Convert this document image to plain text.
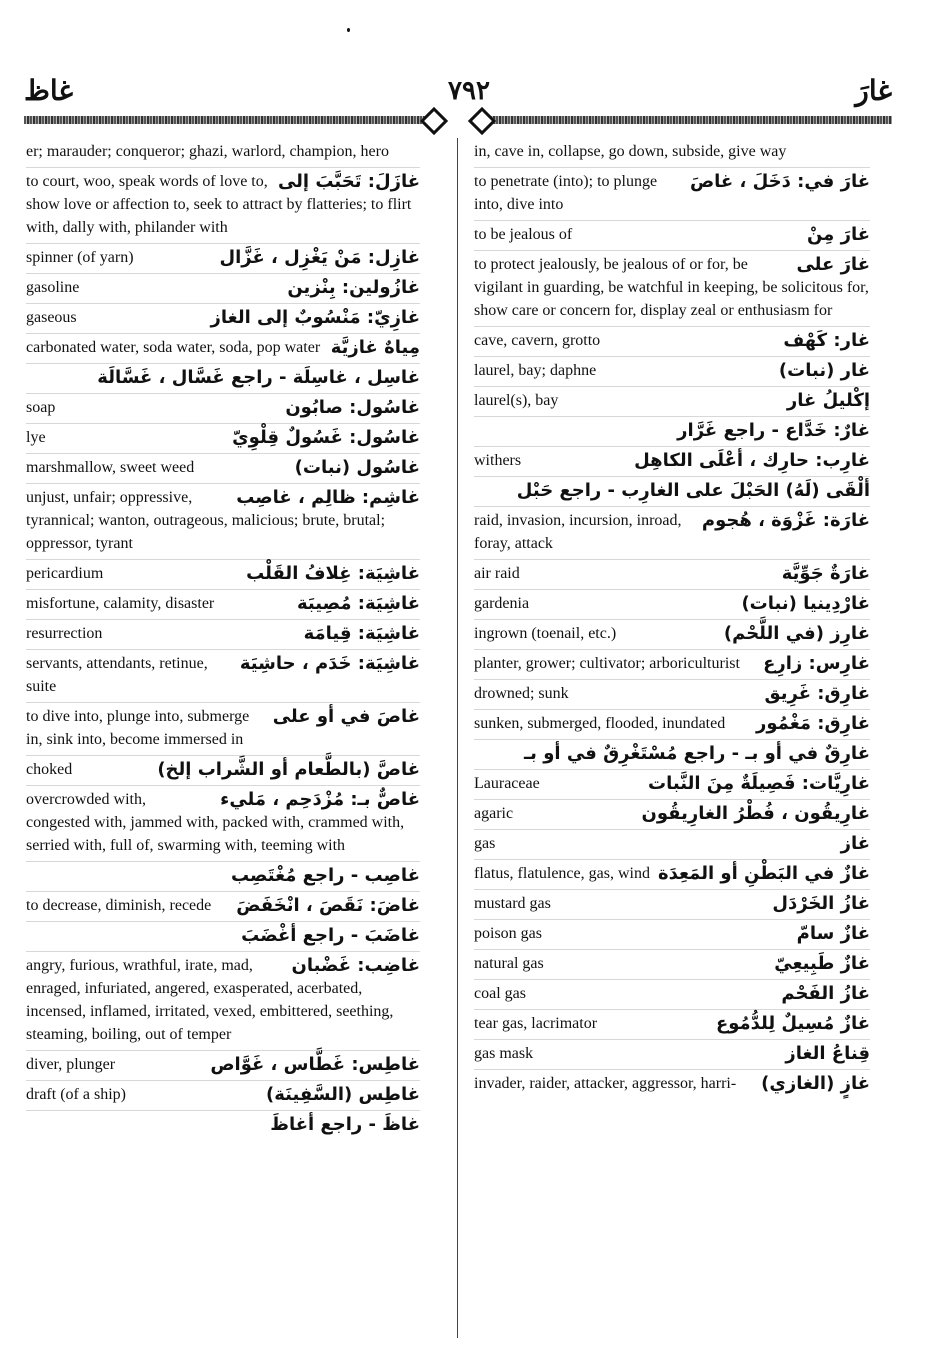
غاظ	٧٩٢	غارَ
er; marauder; conqueror; ghazi, warlord, champion, hero
غازَلَ: تَحَبَّبَ إلى
to court, woo, speak words of love to, show love or affection to, seek to attract by flatteries; to flirt with, dally with, philander with
غازِل: مَنْ يَغْزِل ، غَزَّال
spinner (of yarn)
غازُولين: بِنْزين
gasoline
غازِيّ: مَنْسُوبٌ إلى الغاز
gaseous
مِياهٌ غازيَّة
carbonated water, soda water, soda, pop water
غاسِل ، غاسِلَة - راجع غَسَّال ، غَسَّالَة
غاسُول: صابُون
soap
غاسُول: غَسُولٌ قِلْوِيّ
lye
غاسُول (نبات)
marshmallow, sweet weed
غاشِم: ظالِم ، غاصِب
unjust, unfair; oppressive, tyrannical; wanton, outrageous, malicious; brute, brutal; oppressor, tyrant
غاشِيَة: غِلافُ القَلْب
pericardium
غاشِيَة: مُصِيبَة
misfortune, calamity, disaster
غاشِيَة: قِيامَة
resurrection
غاشِيَة: خَدَم ، حاشِيَة
servants, attendants, retinue, suite
غاصَ في أو على
to dive into, plunge into, submerge in, sink into, become immersed in
غاصَّ (بالطَّعام أو الشَّراب إلخ)
choked
غاصٌّ بـ: مُزْدَحِم ، مَليء
overcrowded with, congested with, jammed with, packed with, crammed with, serried with, full of, swarming with, teeming with
غاصِب - راجع مُغْتَصِب
غاضَ: نَقَصَ ، انْخَفَضَ
to decrease, diminish, recede
غاضَبَ - راجع أغْضَبَ
غاضِب: غَضْبان
angry, furious, wrathful, irate, mad, enraged, infuriated, angered, exasperated, acerbated, incensed, inflamed, irritated, vexed, embittered, seething, steaming, boiling, out of temper
غاطِس: غَطَّاس ، غَوَّاص
diver, plunger
غاطِس (السَّفِينَة)
draft (of a ship)
غاظَ - راجع أغاظَ
in, cave in, collapse, go down, subside, give way
غارَ في: دَخَلَ ، غاصَ
to penetrate (into); to plunge into, dive into
غارَ مِنْ
to be jealous of
غارَ على
to protect jealously, be jealous of or for, be vigilant in guarding, be watchful in keeping, be solicitous for, show care or concern for, display zeal or enthusiasm for
غار: كَهْف
cave, cavern, grotto
غار (نبات)
laurel, bay; daphne
إكْليلُ غار
laurel(s), bay
غارٌ: خَدَّاع - راجع غَرَّار
غارِب: حارِك ، أعْلَى الكاهِل
withers
ألْقَى (لَهُ) الحَبْلَ على الغارِب - راجع حَبْل
غارَة: غَزْوَة ، هُجوم
raid, invasion, incursion, inroad, foray, attack
غارَةٌ جَوِّيَّة
air raid
غارْدِينيا (نبات)
gardenia
غارِز (في اللَّحْم)
ingrown (toenail, etc.)
غارِس: زارِع
planter, grower; cultivator; arboriculturist
غارِق: غَرِيق
drowned; sunk
غارِق: مَغْمُور
sunken, submerged, flooded, inundated
غارِقٌ في أو بـ - راجع مُسْتَغْرِقٌ في أو بـ
غارِيَّات: فَصِيلَةٌ مِنَ النَّبات
Lauraceae
غارِيقُون ، فُطْرُ الغارِيقُون
agaric
غاز
gas
غازٌ في البَطْنِ أو المَعِدَة
flatus, flatulence, gas, wind
غازُ الخَرْدَل
mustard gas
غازٌ سامّ
poison gas
غازٌ طَبِيعِيّ
natural gas
غازُ الفَحْم
coal gas
غازٌ مُسِيلٌ لِلدُّمُوع
tear gas, lacrimator
قِناعُ الغاز
gas mask
غازٍ (الغازي)
invader, raider, attacker, aggressor, harri-
